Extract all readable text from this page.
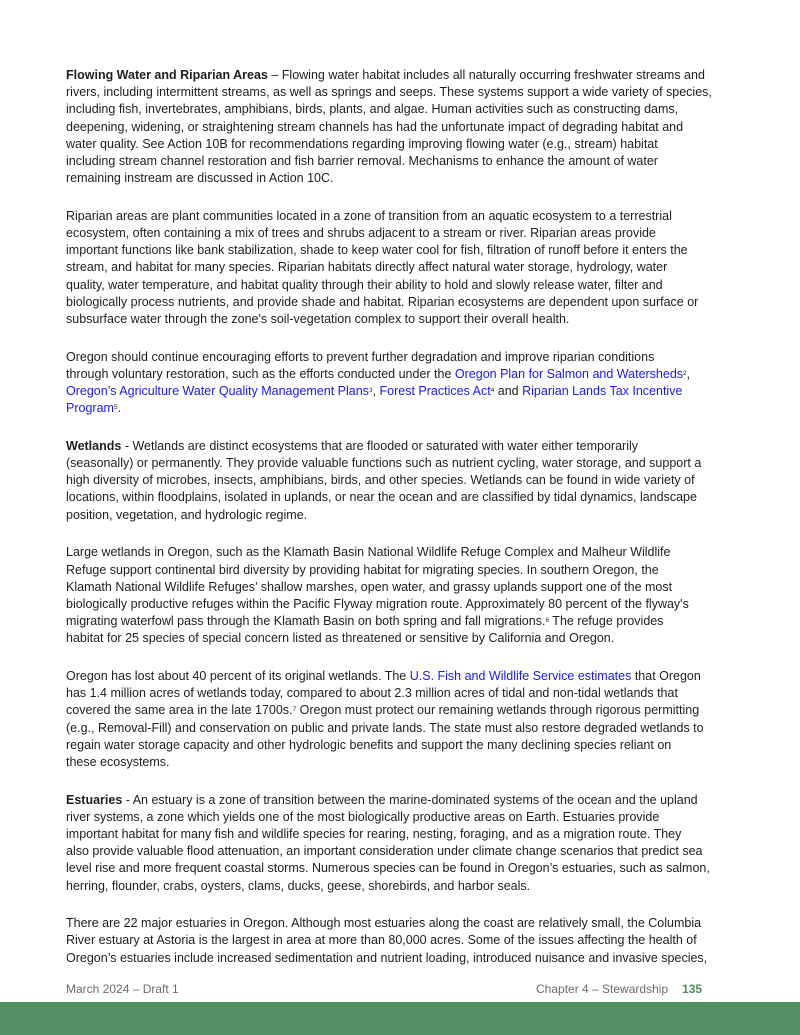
Flowing Water and Riparian Areas – Flowing water habitat includes all naturally occurring freshwater streams and
rivers, including intermittent streams, as well as springs and seeps. These systems support a wide variety of species,
including fish, invertebrates, amphibians, birds, plants, and algae. Human activities such as constructing dams,
deepening, widening, or straightening stream channels has had the unfortunate impact of degrading habitat and
water quality. See Action 10B for recommendations regarding improving flowing water (e.g., stream) habitat
including stream channel restoration and fish barrier removal. Mechanisms to enhance the amount of water
remaining instream are discussed in Action 10C.

Riparian areas are plant communities located in a zone of transition from an aquatic ecosystem to a terrestrial
ecosystem, often containing a mix of trees and shrubs adjacent to a stream or river. Riparian areas provide
important functions like bank stabilization, shade to keep water cool for fish, filtration of runoff before it enters the
stream, and habitat for many species. Riparian habitats directly affect natural water storage, hydrology, water
quality, water temperature, and habitat quality through their ability to hold and slowly release water, filter and
biologically process nutrients, and provide shade and habitat. Riparian ecosystems are dependent upon surface or
subsurface water through the zone's soil-vegetation complex to support their overall health.

Oregon should continue encouraging efforts to prevent further degradation and improve riparian conditions
through voluntary restoration, such as the efforts conducted under the Oregon Plan for Salmon and Watersheds$^2$,
Oregon’s Agriculture Water Quality Management Plans$^3$, Forest Practices Act$^4$ and Riparian Lands Tax Incentive
Program$^5$.

Wetlands - Wetlands are distinct ecosystems that are flooded or saturated with water either temporarily
(seasonally) or permanently. They provide valuable functions such as nutrient cycling, water storage, and support a
high diversity of microbes, insects, amphibians, birds, and other species. Wetlands can be found in wide variety of
locations, within floodplains, isolated in uplands, or near the ocean and are classified by tidal dynamics, landscape
position, vegetation, and hydrologic regime.

Large wetlands in Oregon, such as the Klamath Basin National Wildlife Refuge Complex and Malheur Wildlife
Refuge support continental bird diversity by providing habitat for migrating species. In southern Oregon, the
Klamath National Wildlife Refuges’ shallow marshes, open water, and grassy uplands support one of the most
biologically productive refuges within the Pacific Flyway migration route. Approximately 80 percent of the flyway's
migrating waterfowl pass through the Klamath Basin on both spring and fall migrations.$^6$ The refuge provides
habitat for 25 species of special concern listed as threatened or sensitive by California and Oregon.

Oregon has lost about 40 percent of its original wetlands. The U.S. Fish and Wildlife Service estimates that Oregon
has 1.4 million acres of wetlands today, compared to about 2.3 million acres of tidal and non-tidal wetlands that
covered the same area in the late 1700s.$^7$ Oregon must protect our remaining wetlands through rigorous permitting
(e.g., Removal-Fill) and conservation on public and private lands. The state must also restore degraded wetlands to
regain water storage capacity and other hydrologic benefits and support the many declining species reliant on
these ecosystems.

Estuaries - An estuary is a zone of transition between the marine-dominated systems of the ocean and the upland
river systems, a zone which yields one of the most biologically productive areas on Earth. Estuaries provide
important habitat for many fish and wildlife species for rearing, nesting, foraging, and as a migration route. They
also provide valuable flood attenuation, an important consideration under climate change scenarios that predict sea
level rise and more frequent coastal storms. Numerous species can be found in Oregon’s estuaries, such as salmon,
herring, flounder, crabs, oysters, clams, ducks, geese, shorebirds, and harbor seals.

There are 22 major estuaries in Oregon. Although most estuaries along the coast are relatively small, the Columbia
River estuary at Astoria is the largest in area at more than 80,000 acres. Some of the issues affecting the health of
Oregon’s estuaries include increased sedimentation and nutrient loading, introduced nuisance and invasive species,

March 2024 – Draft 1	Chapter 4 – Stewardship 135
